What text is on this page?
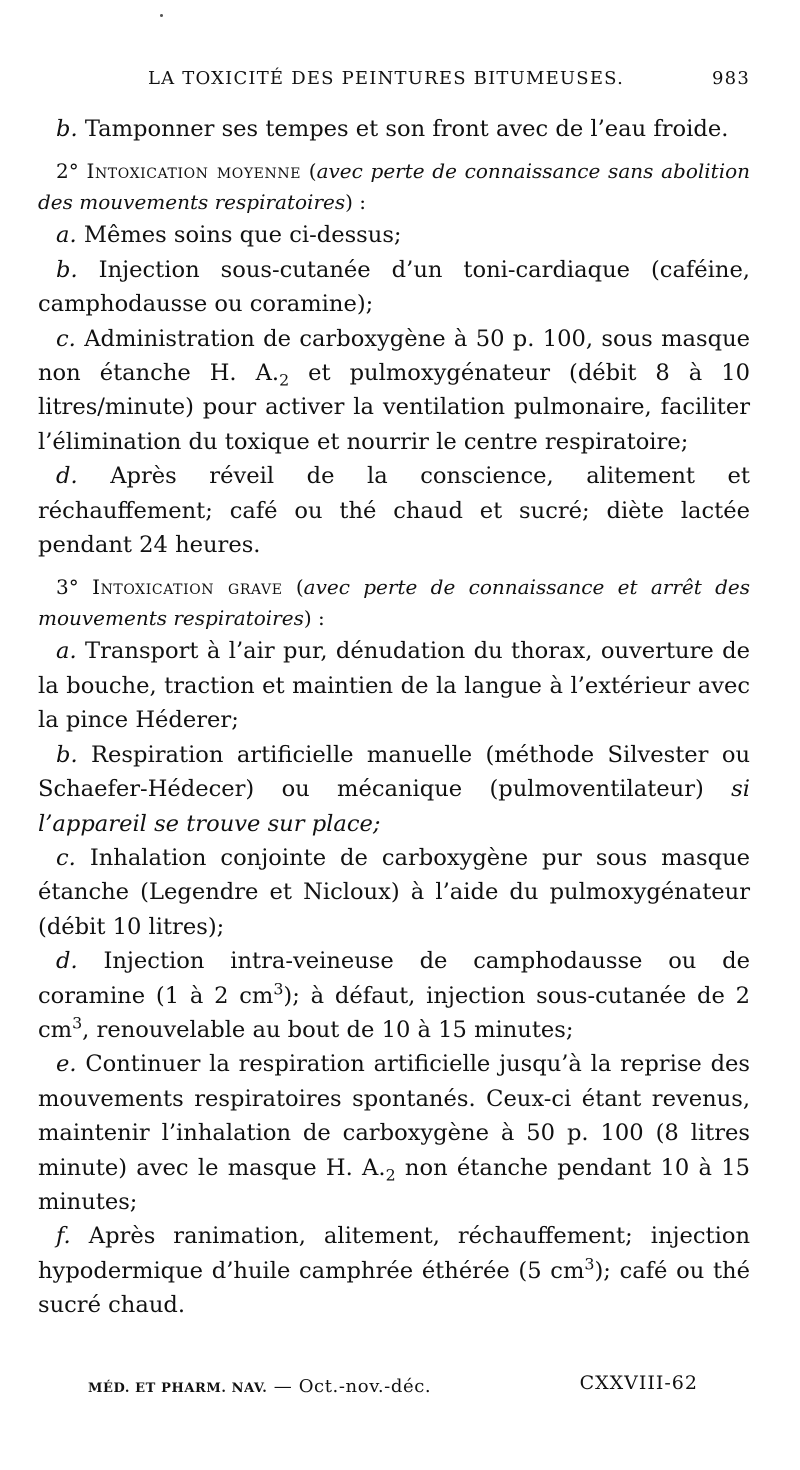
LA TOXICITÉ DES PEINTURES BITUMEUSES.	983

b. Tamponner ses tempes et son front avec de l’eau froide.

2° Intoxication moyenne (avec perte de connaissance sans abolition des mouvements respiratoires) :

a. Mêmes soins que ci-dessus;

b. Injection sous-cutanée d’un toni-cardiaque (caféine, camphodausse ou coramine);

c. Administration de carboxygène à 50 p. 100, sous masque non étanche H. $A._2$ et pulmoxygénateur (débit 8 à 10 litres/minute) pour activer la ventilation pulmonaire, faciliter l’élimination du toxique et nourrir le centre respiratoire;

d. Après réveil de la conscience, alitement et réchauffement; café ou thé chaud et sucré; diète lactée pendant 24 heures.

3° Intoxication grave (avec perte de connaissance et arrêt des mouvements respiratoires) :

a. Transport à l’air pur, dénudation du thorax, ouverture de la bouche, traction et maintien de la langue à l’extérieur avec la pince Héderer;

b. Respiration artificielle manuelle (méthode Silvester ou Schaefer-Hédecer) ou mécanique (pulmoventilateur) si l’appareil se trouve sur place;

c. Inhalation conjointe de carboxygène pur sous masque étanche (Legendre et Nicloux) à l’aide du pulmoxygénateur (débit 10 litres);

d. Injection intra-veineuse de camphodausse ou de coramine (1 à 2 $cm^3$); à défaut, injection sous-cutanée de 2 $cm^3$, renouvelable au bout de 10 à 15 minutes;

e. Continuer la respiration artificielle jusqu’à la reprise des mouvements respiratoires spontanés. Ceux-ci étant revenus, maintenir l’inhalation de carboxygène à 50 p. 100 (8 litres minute) avec le masque H. $A._2$ non étanche pendant 10 à 15 minutes;

f. Après ranimation, alitement, réchauffement; injection hypodermique d’huile camphrée éthérée (5 $cm^3$); café ou thé sucré chaud.

MÉD. ET PHARM. NAV. — Oct.-nov.-déc.	CXXVIII-62
